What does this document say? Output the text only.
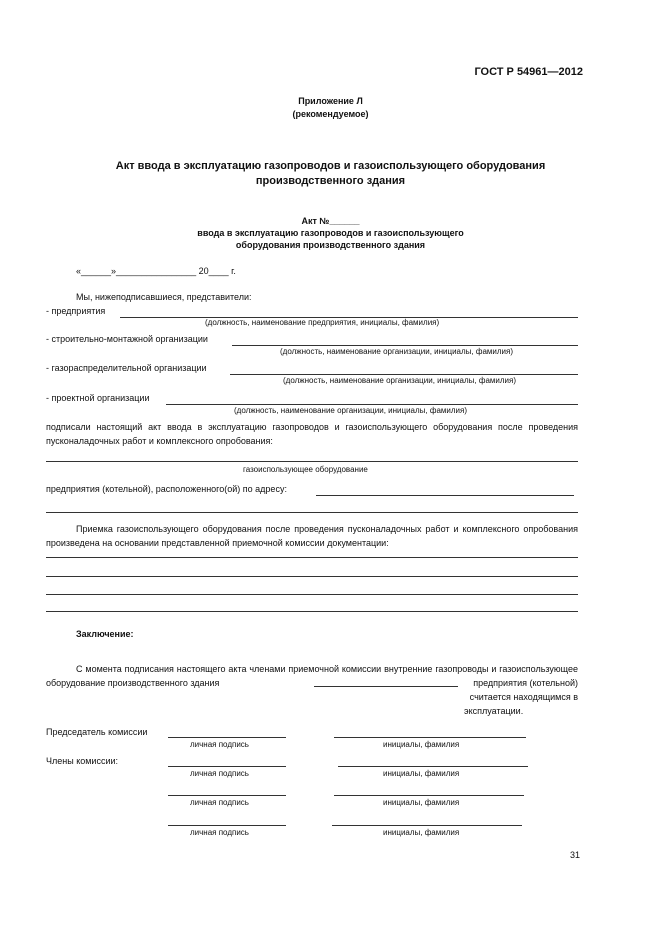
ГОСТ Р 54961—2012
Приложение Л
(рекомендуемое)
Акт ввода в эксплуатацию газопроводов и газоиспользующего оборудования
производственного здания
Акт №______
ввода в эксплуатацию газопроводов и газоиспользующего
оборудования производственного здания
«______»________________ 20____ г.
Мы, нижеподписавшиеся, представители:
- предприятия
(должность, наименование предприятия, инициалы, фамилия)
- строительно-монтажной организации
(должность, наименование организации, инициалы, фамилия)
- газораспределительной организации
(должность, наименование организации, инициалы, фамилия)
- проектной организации
(должность, наименование организации, инициалы, фамилия)
подписали настоящий акт ввода в эксплуатацию газопроводов и газоиспользующего оборудования после проведения пусконаладочных работ и комплексного опробования:
газоиспользующее оборудование
предприятия (котельной), расположенного(ой) по адресу:
Приемка газоиспользующего оборудования после проведения пусконаладочных работ и комплексного опробования произведена на основании представленной приемочной комиссии документации:
Заключение:
С момента подписания настоящего акта членами приемочной комиссии внутренние газопроводы и газоиспользующее оборудование производственного здания	предприятия (котельной) считается находящимся в эксплуатации.
Председатель комиссии
личная подпись	инициалы, фамилия
Члены комиссии:
личная подпись	инициалы, фамилия
личная подпись	инициалы, фамилия
личная подпись	инициалы, фамилия
31
